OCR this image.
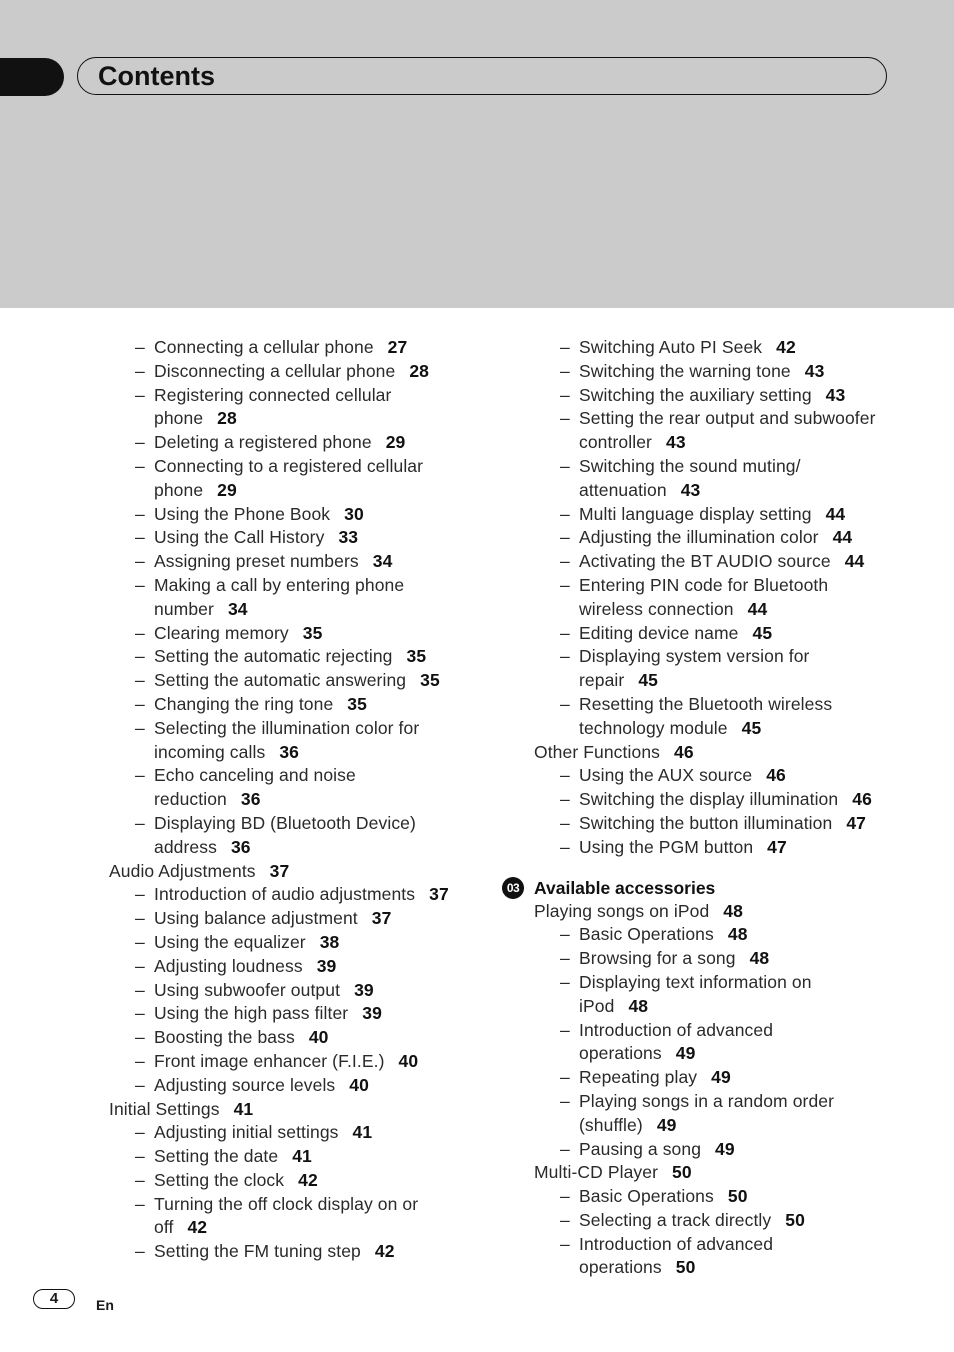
Contents
– Connecting a cellular phone 27
– Disconnecting a cellular phone 28
– Registering connected cellular
phone 28
– Deleting a registered phone 29
– Connecting to a registered cellular
phone 29
– Using the Phone Book 30
– Using the Call History 33
– Assigning preset numbers 34
– Making a call by entering phone
number 34
– Clearing memory 35
– Setting the automatic rejecting 35
– Setting the automatic answering 35
– Changing the ring tone 35
– Selecting the illumination color for
incoming calls 36
– Echo canceling and noise
reduction 36
– Displaying BD (Bluetooth Device)
address 36
Audio Adjustments 37
– Introduction of audio adjustments 37
– Using balance adjustment 37
– Using the equalizer 38
– Adjusting loudness 39
– Using subwoofer output 39
– Using the high pass filter 39
– Boosting the bass 40
– Front image enhancer (F.I.E.) 40
– Adjusting source levels 40
Initial Settings 41
– Adjusting initial settings 41
– Setting the date 41
– Setting the clock 42
– Turning the off clock display on or
off 42
– Setting the FM tuning step 42
– Switching Auto PI Seek 42
– Switching the warning tone 43
– Switching the auxiliary setting 43
– Setting the rear output and subwoofer
controller 43
– Switching the sound muting/
attenuation 43
– Multi language display setting 44
– Adjusting the illumination color 44
– Activating the BT AUDIO source 44
– Entering PIN code for Bluetooth
wireless connection 44
– Editing device name 45
– Displaying system version for
repair 45
– Resetting the Bluetooth wireless
technology module 45
Other Functions 46
– Using the AUX source 46
– Switching the display illumination 46
– Switching the button illumination 47
– Using the PGM button 47
03 Available accessories
Playing songs on iPod 48
– Basic Operations 48
– Browsing for a song 48
– Displaying text information on
iPod 48
– Introduction of advanced
operations 49
– Repeating play 49
– Playing songs in a random order
(shuffle) 49
– Pausing a song 49
Multi-CD Player 50
– Basic Operations 50
– Selecting a track directly 50
– Introduction of advanced
operations 50
4	En
